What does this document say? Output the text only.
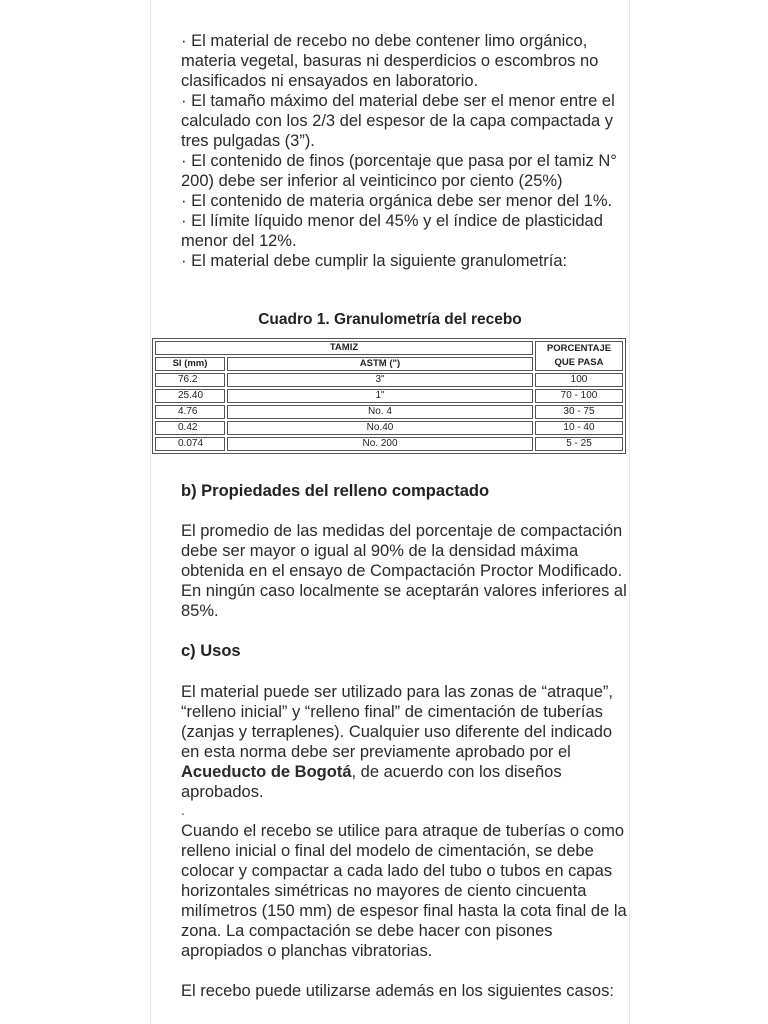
· El material de recebo no debe contener limo orgánico, materia vegetal, basuras ni desperdicios o escombros no clasificados ni ensayados en laboratorio.

· El tamaño máximo del material debe ser el menor entre el calculado con los 2/3 del espesor de la capa compactada y tres pulgadas (3”).

· El contenido de finos (porcentaje que pasa por el tamiz N° 200) debe ser inferior al veinticinco por ciento (25%)

· El contenido de materia orgánica debe ser menor del 1%.

· El límite líquido menor del 45% y el índice de plasticidad menor del 12%.

· El material debe cumplir la siguiente granulometría:

Cuadro 1. Granulometría del recebo
TAMIZ		PORCENTAJE QUE PASA
SI (mm)	ASTM (")	
76.2	3"	100
25.40	1"	70 - 100
4.76	No. 4	30 - 75
0.42	No.40	10 - 40
0.074	No. 200	5 - 25
b) Propiedades del relleno compactado

El promedio de las medidas del porcentaje de compactación debe ser mayor o igual al 90% de la densidad máxima obtenida en el ensayo de Compactación Proctor Modificado. En ningún caso localmente se aceptarán valores inferiores al 85%.

c) Usos

El material puede ser utilizado para las zonas de “atraque”, “relleno inicial” y “relleno final” de cimentación de tuberías (zanjas y terraplenes). Cualquier uso diferente del indicado en esta norma debe ser previamente aprobado por el Acueducto de Bogotá, de acuerdo con los diseños aprobados.

.

Cuando el recebo se utilice para atraque de tuberías o como relleno inicial o final del modelo de cimentación, se debe colocar y compactar a cada lado del tubo o tubos en capas horizontales simétricas no mayores de ciento cincuenta milímetros (150 mm) de espesor final hasta la cota final de la zona. La compactación se debe hacer con pisones apropiados o planchas vibratorias.

El recebo puede utilizarse además en los siguientes casos:
